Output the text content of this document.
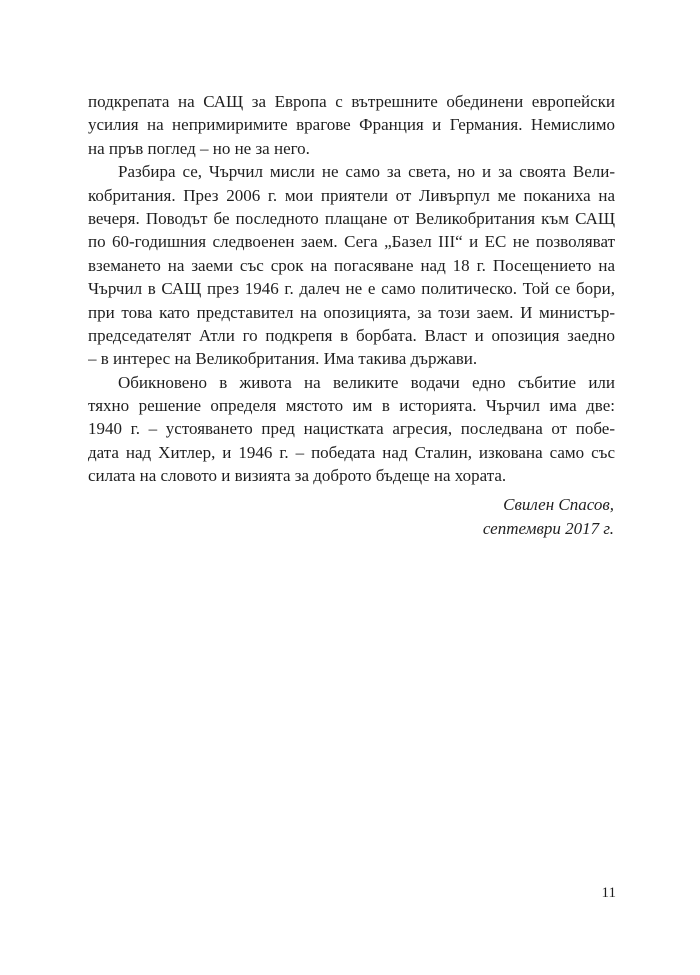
подкрепата на САЩ за Европа с вътрешните обединени европейски
усилия на непримиримите врагове Франция и Германия. Немислимо
на пръв поглед – но не за него.
Разбира се, Чърчил мисли не само за света, но и за своята Вели-
кобритания. През 2006 г. мои приятели от Ливърпул ме поканиха на
вечеря. Поводът бе последното плащане от Великобритания към САЩ
по 60-годишния следвоенен заем. Сега „Базел III“ и ЕС не позволяват
вземането на заеми със срок на погасяване над 18 г. Посещението на
Чърчил в САЩ през 1946 г. далеч не е само политическо. Той се бори,
при това като представител на опозицията, за този заем. И министър-
председателят Атли го подкрепя в борбата. Власт и опозиция заедно
– в интерес на Великобритания. Има такива държави.
Обикновено в живота на великите водачи едно събитие или
тяхно решение определя мястото им в историята. Чърчил има две:
1940 г. – устояването пред нацистката агресия, последвана от побе-
дата над Хитлер, и 1946 г. – победата над Сталин, изкована само със
силата на словото и визията за доброто бъдеще на хората.
Свилен Спасов,
септември 2017 г.
11
